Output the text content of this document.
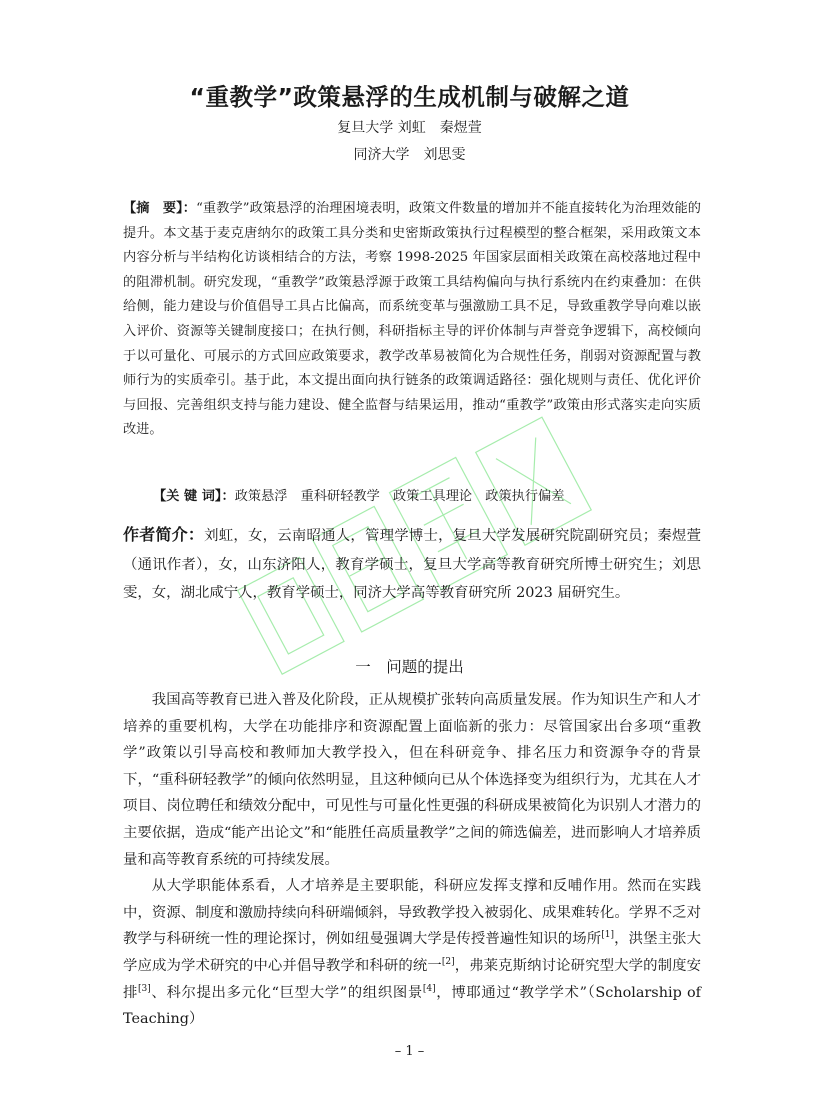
“重教学”政策悬浮的生成机制与破解之道
复旦大学 刘虹　秦煜萱
同济大学　刘思雯
【摘　要】：“重教学”政策悬浮的治理困境表明，政策文件数量的增加并不能直接转化为治理效能的提升。本文基于麦克唐纳尔的政策工具分类和史密斯政策执行过程模型的整合框架，采用政策文本内容分析与半结构化访谈相结合的方法，考察 1998-2025 年国家层面相关政策在高校落地过程中的阻滞机制。研究发现，“重教学”政策悬浮源于政策工具结构偏向与执行系统内在约束叠加：在供给侧，能力建设与价值倡导工具占比偏高，而系统变革与强激励工具不足，导致重教学导向难以嵌入评价、资源等关键制度接口；在执行侧，科研指标主导的评价体制与声誉竞争逻辑下，高校倾向于以可量化、可展示的方式回应政策要求，教学改革易被简化为合规性任务，削弱对资源配置与教师行为的实质牵引。基于此，本文提出面向执行链条的政策调适路径：强化规则与责任、优化评价与回报、完善组织支持与能力建设、健全监督与结果运用，推动“重教学”政策由形式落实走向实质改进。
【关 键 词】：政策悬浮　重科研轻教学　政策工具理论　政策执行偏差
作者简介：刘虹，女，云南昭通人，管理学博士，复旦大学发展研究院副研究员；秦煜萱（通讯作者），女，山东济阳人，教育学硕士，复旦大学高等教育研究所博士研究生；刘思雯，女，湖北咸宁人，教育学硕士，同济大学高等教育研究所 2023 届研究生。
一　问题的提出

我国高等教育已进入普及化阶段，正从规模扩张转向高质量发展。作为知识生产和人才培养的重要机构，大学在功能排序和资源配置上面临新的张力：尽管国家出台多项“重教学”政策以引导高校和教师加大教学投入，但在科研竞争、排名压力和资源争夺的背景下，“重科研轻教学”的倾向依然明显，且这种倾向已从个体选择变为组织行为，尤其在人才项目、岗位聘任和绩效分配中，可见性与可量化性更强的科研成果被简化为识别人才潜力的主要依据，造成“能产出论文”和“能胜任高质量教学”之间的筛选偏差，进而影响人才培养质量和高等教育系统的可持续发展。

从大学职能体系看，人才培养是主要职能，科研应发挥支撑和反哺作用。然而在实践中，资源、制度和激励持续向科研端倾斜，导致教学投入被弱化、成果难转化。学界不乏对教学与科研统一性的理论探讨，例如纽曼强调大学是传授普遍性知识的场所[1]，洪堡主张大学应成为学术研究的中心并倡导教学和科研的统一[2]，弗莱克斯纳讨论研究型大学的制度安排[3]、科尔提出多元化“巨型大学”的组织图景[4]，博耶通过“教学学术”（Scholarship of Teaching）

– 1 –
